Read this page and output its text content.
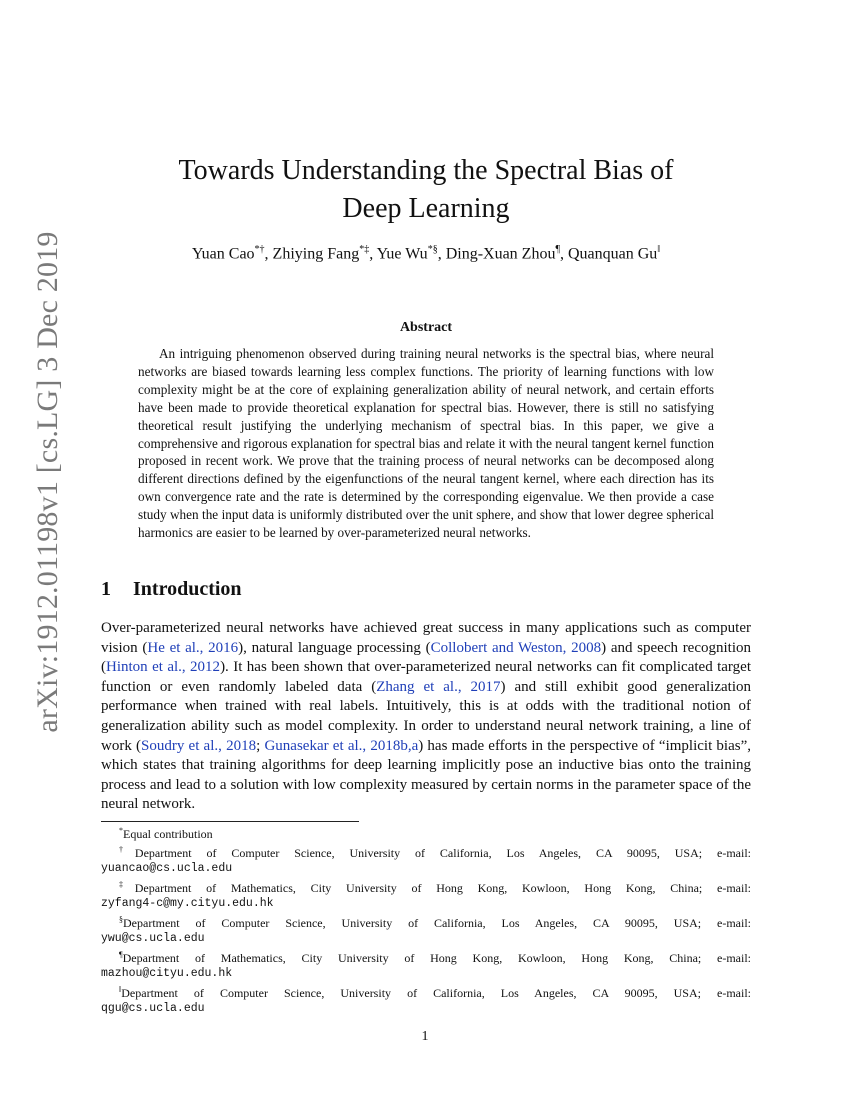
arXiv:1912.01198v1 [cs.LG] 3 Dec 2019
Towards Understanding the Spectral Bias of
Deep Learning
Yuan Cao*†, Zhiying Fang*‡, Yue Wu*§, Ding-Xuan Zhou¶, Quanquan Gu‖
Abstract
An intriguing phenomenon observed during training neural networks is the spectral bias, where neural networks are biased towards learning less complex functions. The priority of learning functions with low complexity might be at the core of explaining generalization ability of neural network, and certain efforts have been made to provide theoretical explanation for spectral bias. However, there is still no satisfying theoretical result justifying the underlying mechanism of spectral bias. In this paper, we give a comprehensive and rigorous explanation for spectral bias and relate it with the neural tangent kernel function proposed in recent work. We prove that the training process of neural networks can be decomposed along different directions defined by the eigenfunctions of the neural tangent kernel, where each direction has its own convergence rate and the rate is determined by the corresponding eigenvalue. We then provide a case study when the input data is uniformly distributed over the unit sphere, and show that lower degree spherical harmonics are easier to be learned by over-parameterized neural networks.
1 Introduction
Over-parameterized neural networks have achieved great success in many applications such as computer vision (He et al., 2016), natural language processing (Collobert and Weston, 2008) and speech recognition (Hinton et al., 2012). It has been shown that over-parameterized neural networks can fit complicated target function or even randomly labeled data (Zhang et al., 2017) and still exhibit good generalization performance when trained with real labels. Intuitively, this is at odds with the traditional notion of generalization ability such as model complexity. In order to understand neural network training, a line of work (Soudry et al., 2018; Gunasekar et al., 2018b,a) has made efforts in the perspective of “implicit bias”, which states that training algorithms for deep learning implicitly pose an inductive bias onto the training process and lead to a solution with low complexity measured by certain norms in the parameter space of the neural network.
*Equal contribution
†Department of Computer Science, University of California, Los Angeles, CA 90095, USA; e-mail:
yuancao@cs.ucla.edu
‡Department of Mathematics, City University of Hong Kong, Kowloon, Hong Kong, China; e-mail:
zyfang4-c@my.cityu.edu.hk
§Department of Computer Science, University of California, Los Angeles, CA 90095, USA; e-mail:
ywu@cs.ucla.edu
¶Department of Mathematics, City University of Hong Kong, Kowloon, Hong Kong, China; e-mail:
mazhou@cityu.edu.hk
‖Department of Computer Science, University of California, Los Angeles, CA 90095, USA; e-mail:
qgu@cs.ucla.edu
1
